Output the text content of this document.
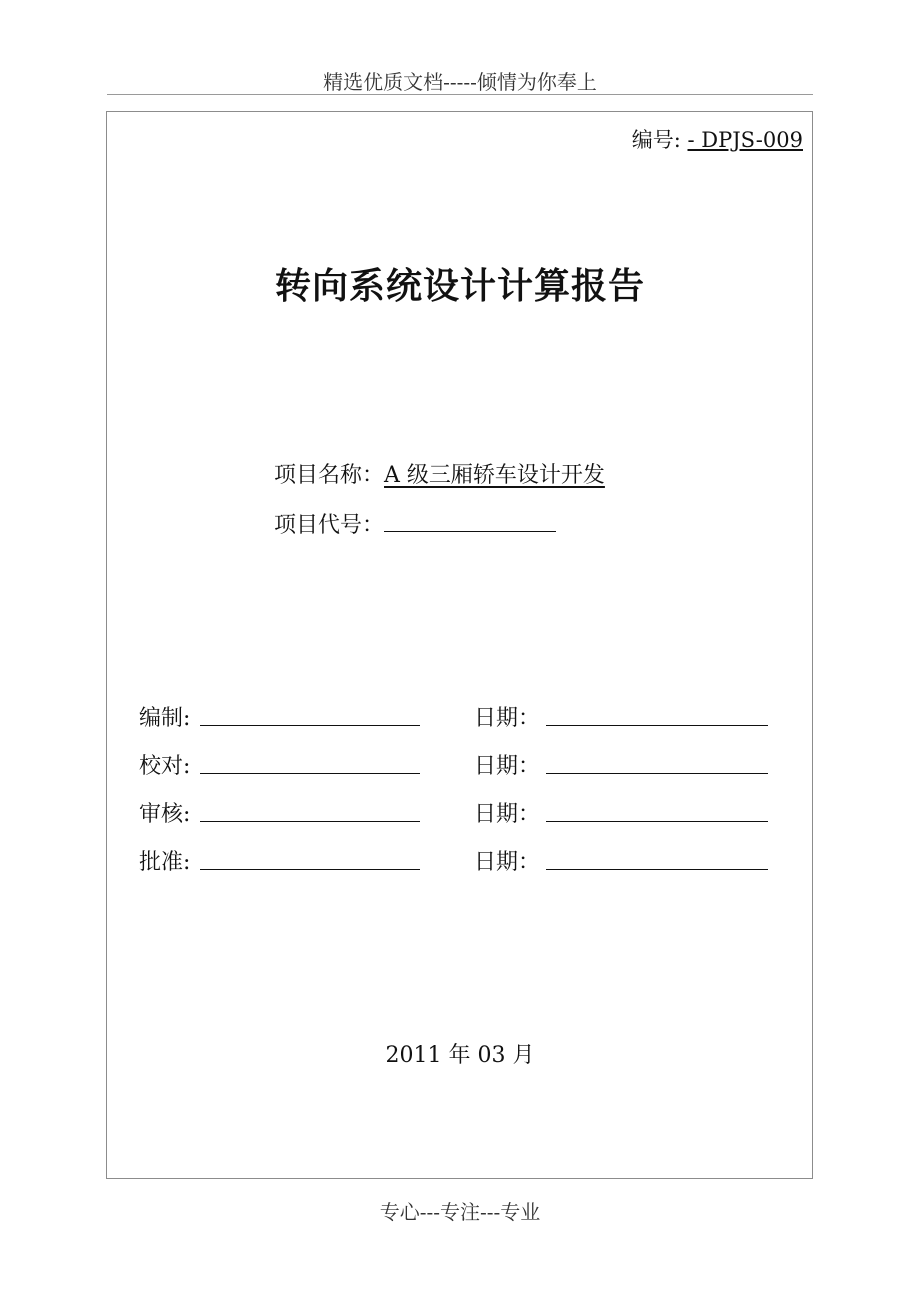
精选优质文档-----倾情为你奉上
编号: - DPJS-009
转向系统设计计算报告
项目名称：A 级三厢轿车设计开发
项目代号：
编制:	日期：
校对:	日期：
审核:	日期：
批准:	日期：
2011 年 03 月
专心---专注---专业
